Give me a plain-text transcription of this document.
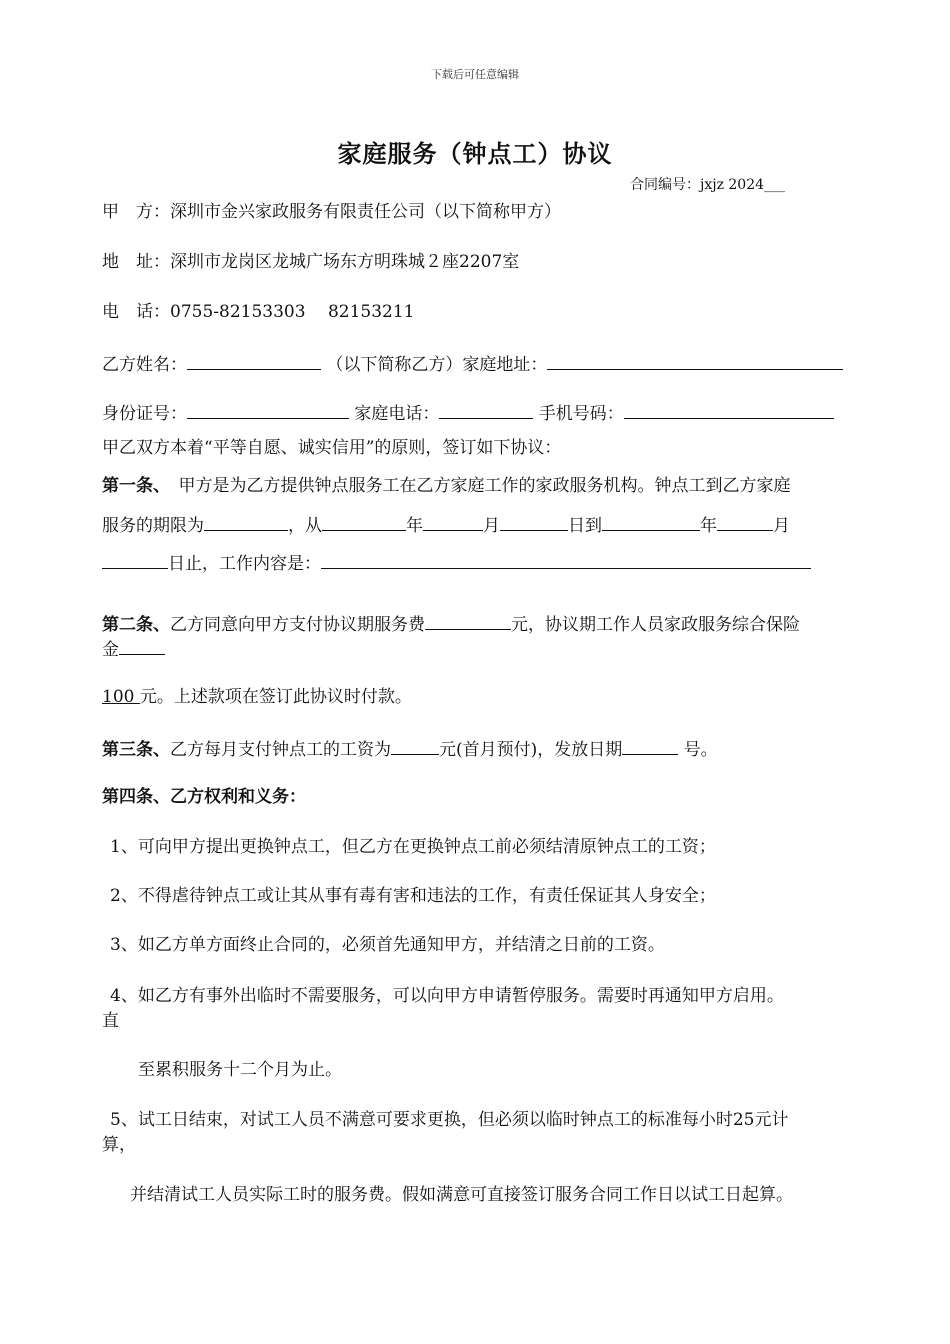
下载后可任意编辑
家庭服务（钟点工）协议
合同编号：jxjz 2024___
甲　方：深圳市金兴家政服务有限责任公司（以下简称甲方）
地　址：深圳市龙岗区龙城广场东方明珠城２座2207室
电　话：0755-82153303　 82153211
乙方姓名：	（以下简称乙方）家庭地址：
身份证号：	家庭电话：	手机号码：
甲乙双方本着“平等自愿、诚实信用”的原则，签订如下协议：
第一条、　甲方是为乙方提供钟点服务工在乙方家庭工作的家政服务机构。钟点工到乙方家庭
服务的期限为	，从	年	月	日到	年	月
日止，工作内容是：
第二条、乙方同意向甲方支付协议期服务费	元，协议期工作人员家政服务综合保险
金
100 元。上述款项在签订此协议时付款。
第三条、乙方每月支付钟点工的工资为	元(首月预付)，发放日期	号。
第四条、乙方权利和义务：
1、可向甲方提出更换钟点工，但乙方在更换钟点工前必须结清原钟点工的工资；
2、不得虐待钟点工或让其从事有毒有害和违法的工作，有责任保证其人身安全；
3、如乙方单方面终止合同的，必须首先通知甲方，并结清之日前的工资。
4、如乙方有事外出临时不需要服务，可以向甲方申请暂停服务。需要时再通知甲方启用。
直
至累积服务十二个月为止。
5、试工日结束，对试工人员不满意可要求更换，但必须以临时钟点工的标准每小时25元计
算，
并结清试工人员实际工时的服务费。假如满意可直接签订服务合同工作日以试工日起算。
